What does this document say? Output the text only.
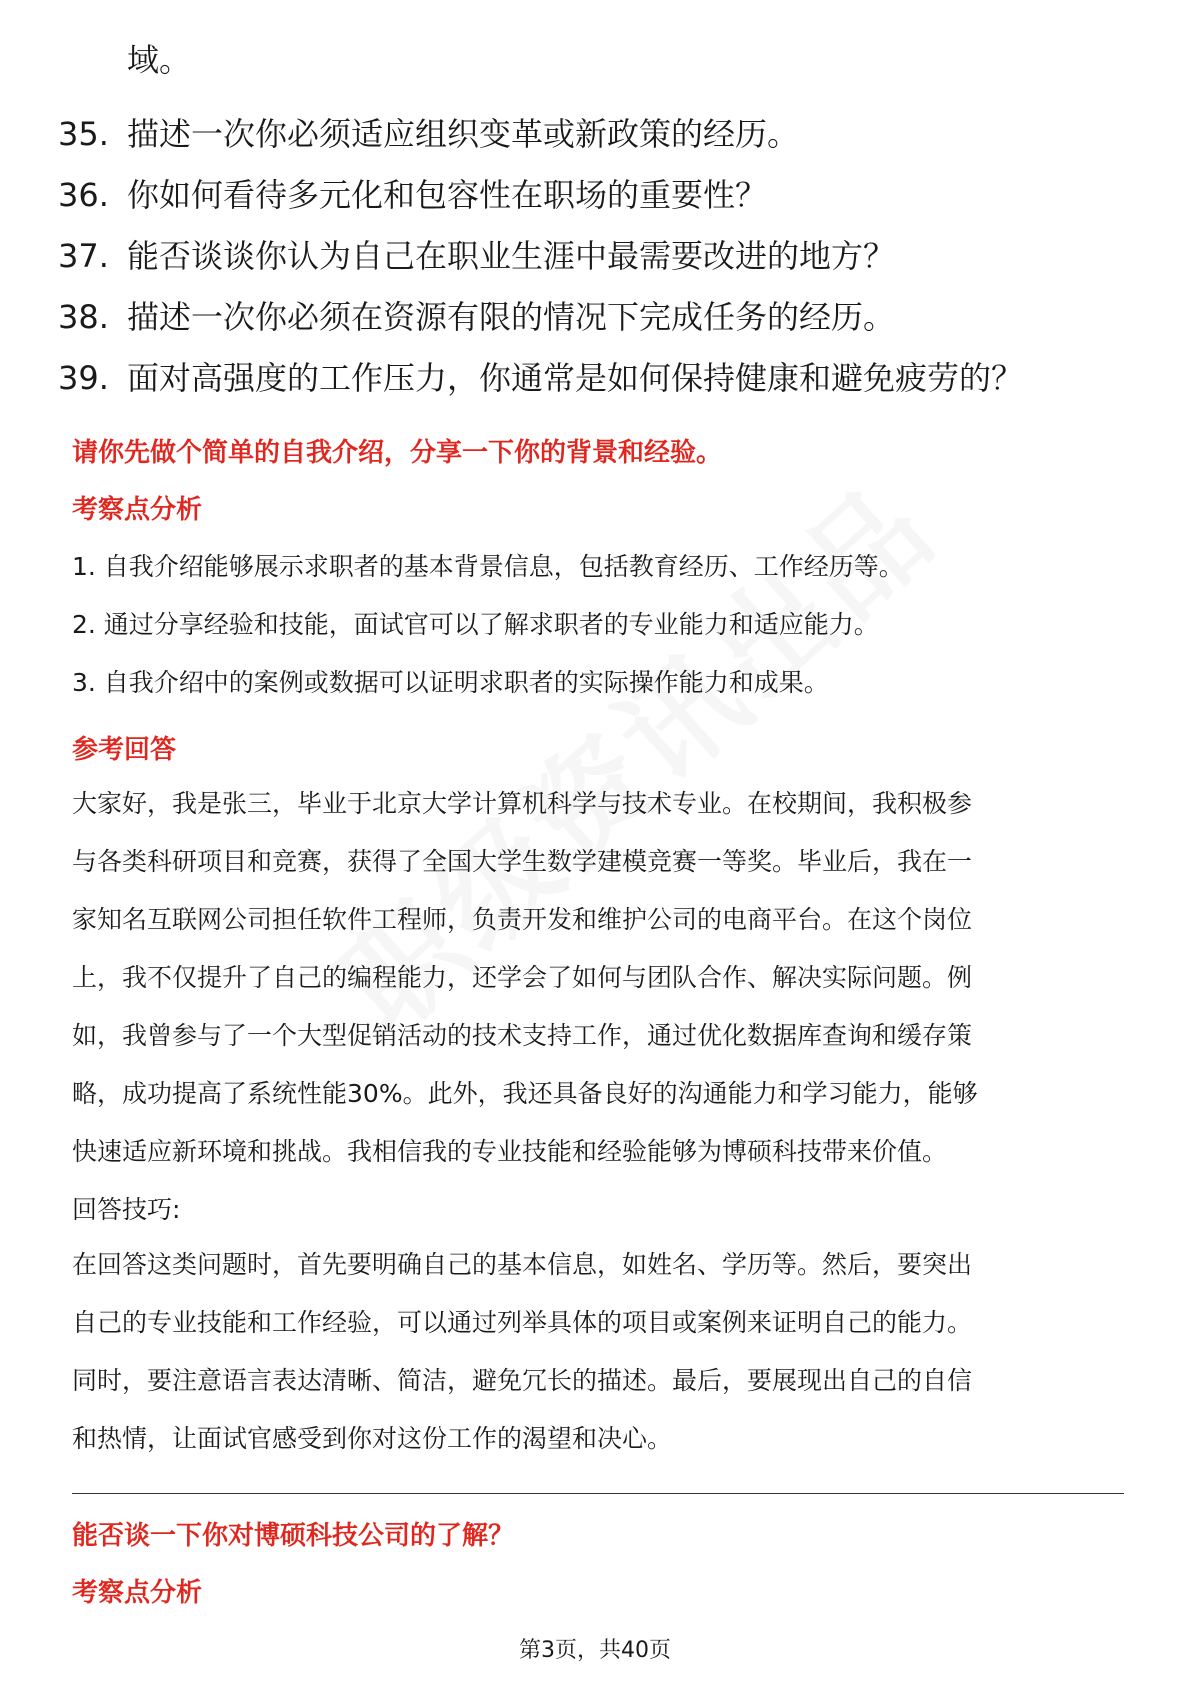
域。
35. 描述一次你必须适应组织变革或新政策的经历。
36. 你如何看待多元化和包容性在职场的重要性？
37. 能否谈谈你认为自己在职业生涯中最需要改进的地方？
38. 描述一次你必须在资源有限的情况下完成任务的经历。
39. 面对高强度的工作压力，你通常是如何保持健康和避免疲劳的？
请你先做个简单的自我介绍，分享一下你的背景和经验。
考察点分析
1. 自我介绍能够展示求职者的基本背景信息，包括教育经历、工作经历等。
2. 通过分享经验和技能，面试官可以了解求职者的专业能力和适应能力。
3. 自我介绍中的案例或数据可以证明求职者的实际操作能力和成果。
参考回答
大家好，我是张三，毕业于北京大学计算机科学与技术专业。在校期间，我积极参
与各类科研项目和竞赛，获得了全国大学生数学建模竞赛一等奖。毕业后，我在一
家知名互联网公司担任软件工程师，负责开发和维护公司的电商平台。在这个岗位
上，我不仅提升了自己的编程能力，还学会了如何与团队合作、解决实际问题。例
如，我曾参与了一个大型促销活动的技术支持工作，通过优化数据库查询和缓存策
略，成功提高了系统性能30%。此外，我还具备良好的沟通能力和学习能力，能够
快速适应新环境和挑战。我相信我的专业技能和经验能够为博硕科技带来价值。
回答技巧:
在回答这类问题时，首先要明确自己的基本信息，如姓名、学历等。然后，要突出
自己的专业技能和工作经验，可以通过列举具体的项目或案例来证明自己的能力。
同时，要注意语言表达清晰、简洁，避免冗长的描述。最后，要展现出自己的自信
和热情，让面试官感受到你对这份工作的渴望和决心。
能否谈一下你对博硕科技公司的了解？
考察点分析
第3页，共40页
